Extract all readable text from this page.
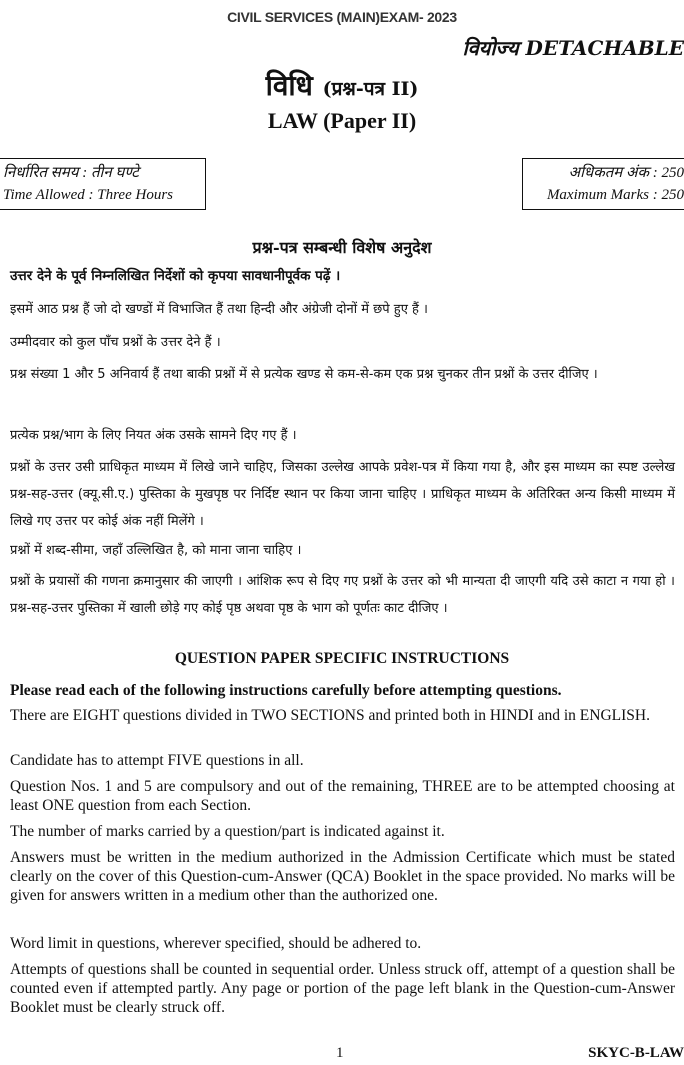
CIVIL SERVICES (MAIN)EXAM- 2023
वियोज्य DETACHABLE
विधि (प्रश्न-पत्र II)
LAW (Paper II)
निर्धारित समय : तीन घण्टे
Time Allowed : Three Hours
अधिकतम अंक : 250
Maximum Marks : 250
प्रश्न-पत्र सम्बन्धी विशेष अनुदेश
उत्तर देने के पूर्व निम्नलिखित निर्देशों को कृपया सावधानीपूर्वक पढ़ें ।
इसमें आठ प्रश्न हैं जो दो खण्डों में विभाजित हैं तथा हिन्दी और अंग्रेजी दोनों में छपे हुए हैं ।
उम्मीदवार को कुल पाँच प्रश्नों के उत्तर देने हैं ।
प्रश्न संख्या 1 और 5 अनिवार्य हैं तथा बाकी प्रश्नों में से प्रत्येक खण्ड से कम-से-कम एक प्रश्न चुनकर तीन प्रश्नों के उत्तर दीजिए ।
प्रत्येक प्रश्न/भाग के लिए नियत अंक उसके सामने दिए गए हैं ।
प्रश्नों के उत्तर उसी प्राधिकृत माध्यम में लिखे जाने चाहिए, जिसका उल्लेख आपके प्रवेश-पत्र में किया गया है, और इस माध्यम का स्पष्ट उल्लेख प्रश्न-सह-उत्तर (क्यू.सी.ए.) पुस्तिका के मुखपृष्ठ पर निर्दिष्ट स्थान पर किया जाना चाहिए । प्राधिकृत माध्यम के अतिरिक्त अन्य किसी माध्यम में लिखे गए उत्तर पर कोई अंक नहीं मिलेंगे ।
प्रश्नों में शब्द-सीमा, जहाँ उल्लिखित है, को माना जाना चाहिए ।
प्रश्नों के प्रयासों की गणना क्रमानुसार की जाएगी । आंशिक रूप से दिए गए प्रश्नों के उत्तर को भी मान्यता दी जाएगी यदि उसे काटा न गया हो । प्रश्न-सह-उत्तर पुस्तिका में खाली छोड़े गए कोई पृष्ठ अथवा पृष्ठ के भाग को पूर्णतः काट दीजिए ।
QUESTION PAPER SPECIFIC INSTRUCTIONS
Please read each of the following instructions carefully before attempting questions.
There are EIGHT questions divided in TWO SECTIONS and printed both in HINDI and in ENGLISH.
Candidate has to attempt FIVE questions in all.
Question Nos. 1 and 5 are compulsory and out of the remaining, THREE are to be attempted choosing at least ONE question from each Section.
The number of marks carried by a question/part is indicated against it.
Answers must be written in the medium authorized in the Admission Certificate which must be stated clearly on the cover of this Question-cum-Answer (QCA) Booklet in the space provided. No marks will be given for answers written in a medium other than the authorized one.
Word limit in questions, wherever specified, should be adhered to.
Attempts of questions shall be counted in sequential order. Unless struck off, attempt of a question shall be counted even if attempted partly. Any page or portion of the page left blank in the Question-cum-Answer Booklet must be clearly struck off.
1	SKYC-B-LAW
